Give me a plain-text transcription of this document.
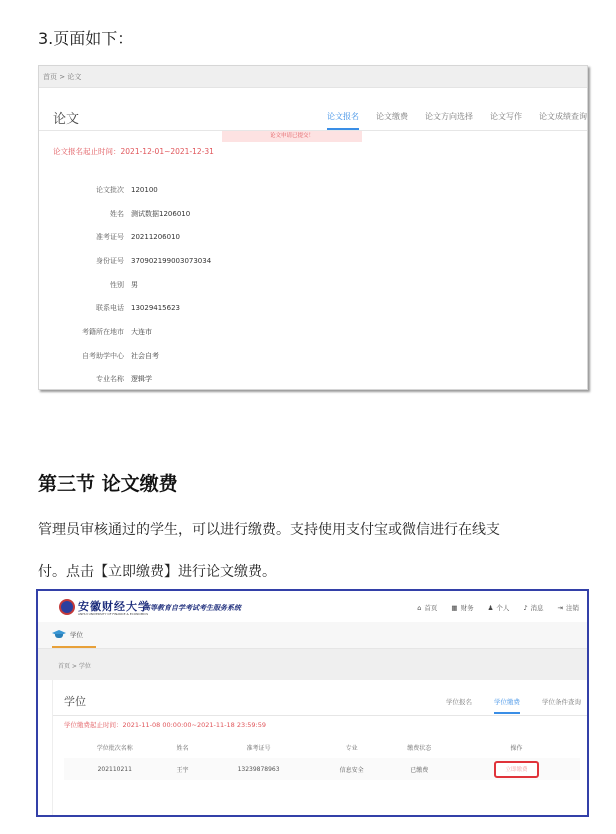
3.页面如下：
首页 > 论文
论文	论文报名 论文缴费 论文方向选择 论文写作 论文成绩查询
论文申请已提交！
论文报名起止时间：2021-12-01~2021-12-31
论文批次	120100
姓名	测试数据1206010
准考证号	20211206010
身份证号	370902199003073034
性别	男
联系电话	13029415623
考籍所在地市	大连市
自考助学中心	社会自考
专业名称	逻辑学
第三节 论文缴费
管理员审核通过的学生，可以进行缴费。支持使用支付宝或微信进行在线支
付。点击【立即缴费】进行论文缴费。
安徽财经大学
ANHUI UNIVERSITY OF FINANCE & ECONOMICS
高等教育自学考试考生服务系统	⌂ 首页 ▦ 财务 ♟ 个人 ♪ 消息 ⇥ 注销
学位
首页 > 学位
学位	学位报名	学位缴费	学位条件查询
学位缴费起止时间：2021-11-08 00:00:00~2021-11-18 23:59:59
学位批次名称	姓名	准考证号	专业	缴费状态	操作
202110211	王宇	13239878963	信息安全	已缴费	立即缴费
